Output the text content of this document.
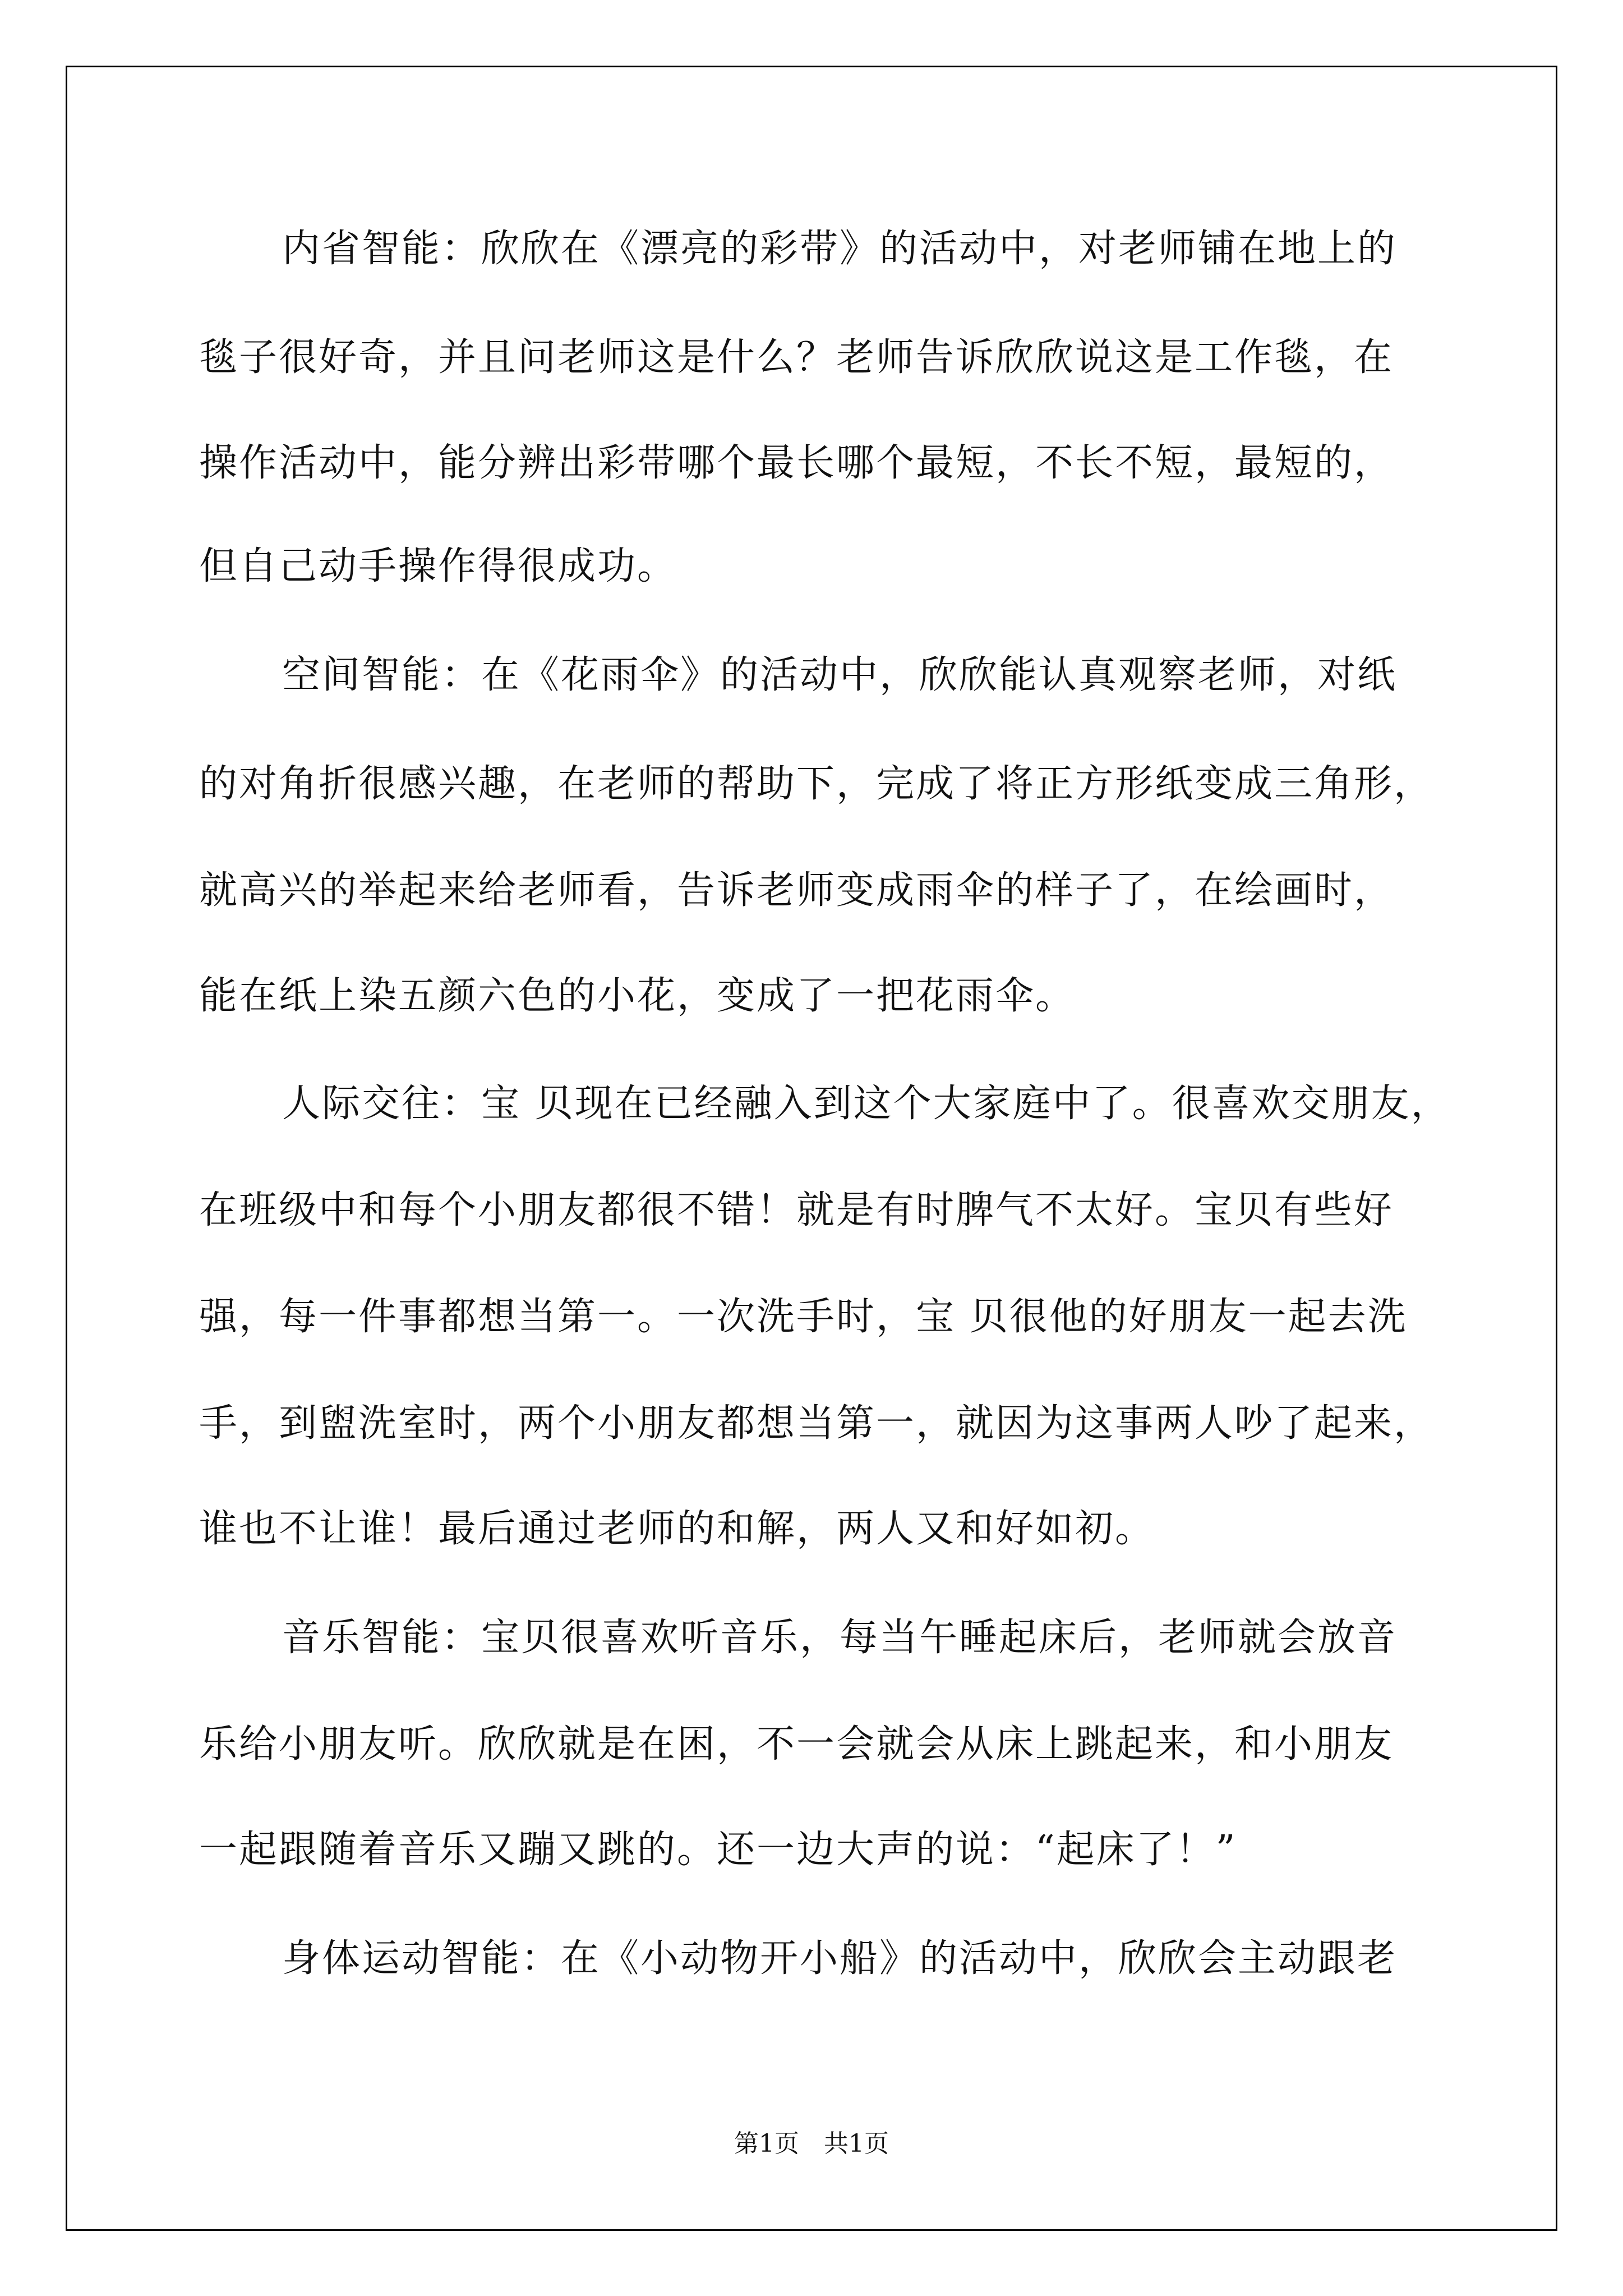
内省智能：欣欣在《漂亮的彩带》的活动中，对老师铺在地上的
毯子很好奇，并且问老师这是什么？老师告诉欣欣说这是工作毯，在
操作活动中，能分辨出彩带哪个最长哪个最短，不长不短，最短的，
但自己动手操作得很成功。
空间智能：在《花雨伞》的活动中，欣欣能认真观察老师，对纸
的对角折很感兴趣，在老师的帮助下，完成了将正方形纸变成三角形，
就高兴的举起来给老师看，告诉老师变成雨伞的样子了，在绘画时，
能在纸上染五颜六色的小花，变成了一把花雨伞。
人际交往：宝 贝现在已经融入到这个大家庭中了。很喜欢交朋友，
在班级中和每个小朋友都很不错！就是有时脾气不太好。宝贝有些好
强，每一件事都想当第一。一次洗手时，宝 贝很他的好朋友一起去洗
手，到盥洗室时，两个小朋友都想当第一，就因为这事两人吵了起来，
谁也不让谁！最后通过老师的和解，两人又和好如初。
音乐智能：宝贝很喜欢听音乐，每当午睡起床后，老师就会放音
乐给小朋友听。欣欣就是在困，不一会就会从床上跳起来，和小朋友
一起跟随着音乐又蹦又跳的。还一边大声的说：“起床了！”
身体运动智能：在《小动物开小船》的活动中，欣欣会主动跟老
第1页　共1页
